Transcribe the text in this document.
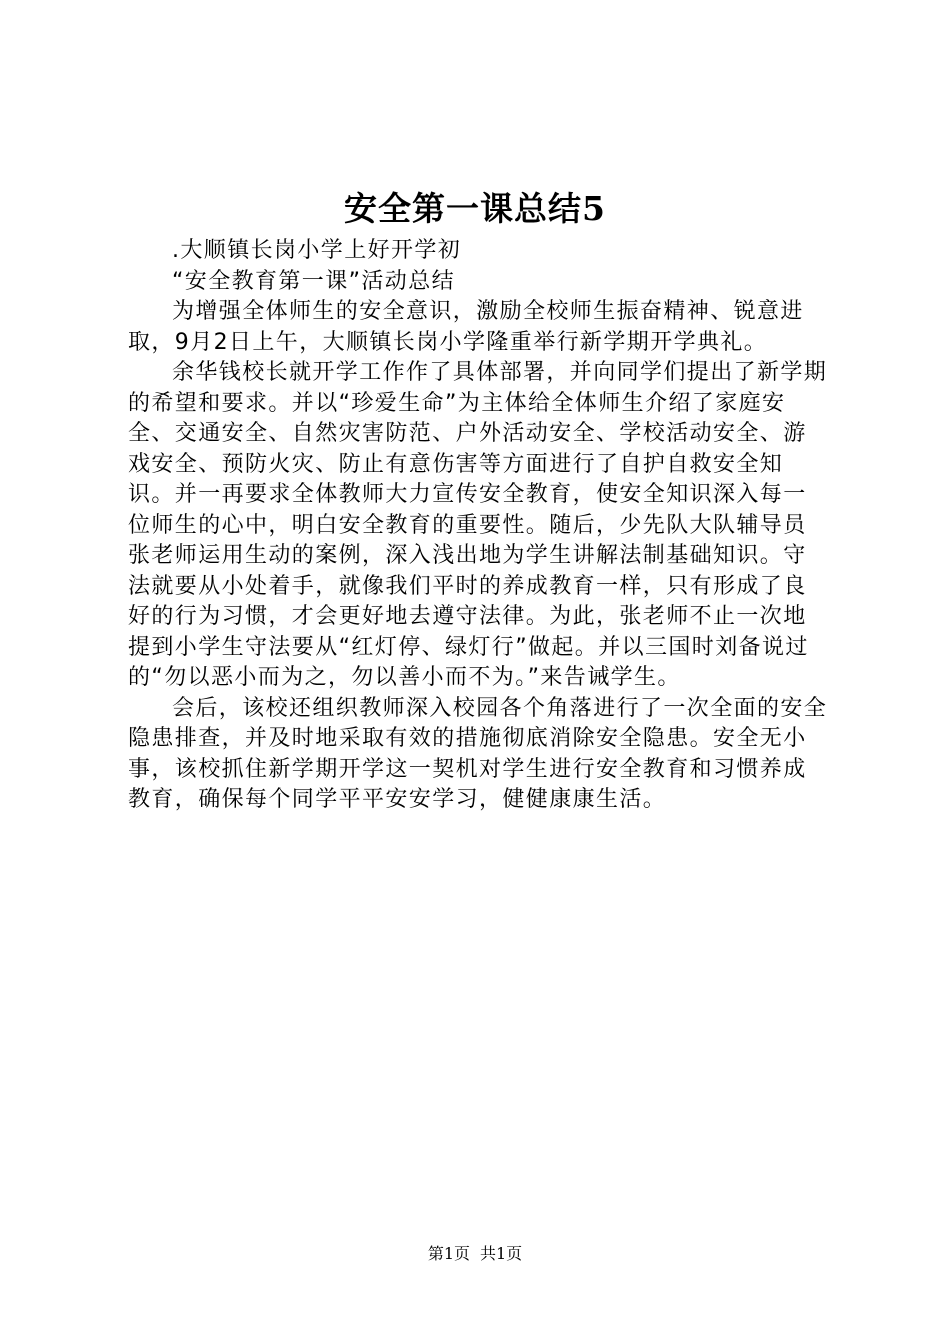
安全第一课总结5

.大顺镇长岗小学上好开学初

“安全教育第一课”活动总结

为增强全体师生的安全意识，激励全校师生振奋精神、锐意进取，9月2日上午，大顺镇长岗小学隆重举行新学期开学典礼。

余华钱校长就开学工作作了具体部署，并向同学们提出了新学期的希望和要求。并以“珍爱生命”为主体给全体师生介绍了家庭安全、交通安全、自然灾害防范、户外活动安全、学校活动安全、游戏安全、预防火灾、防止有意伤害等方面进行了自护自救安全知识。并一再要求全体教师大力宣传安全教育，使安全知识深入每一位师生的心中，明白安全教育的重要性。随后，少先队大队辅导员张老师运用生动的案例，深入浅出地为学生讲解法制基础知识。守法就要从小处着手，就像我们平时的养成教育一样，只有形成了良好的行为习惯，才会更好地去遵守法律。为此，张老师不止一次地提到小学生守法要从“红灯停、绿灯行”做起。并以三国时刘备说过的“勿以恶小而为之，勿以善小而不为。”来告诫学生。

会后，该校还组织教师深入校园各个角落进行了一次全面的安全隐患排查，并及时地采取有效的措施彻底消除安全隐患。安全无小事，该校抓住新学期开学这一契机对学生进行安全教育和习惯养成教育，确保每个同学平平安安学习，健健康康生活。

第1页 共1页
